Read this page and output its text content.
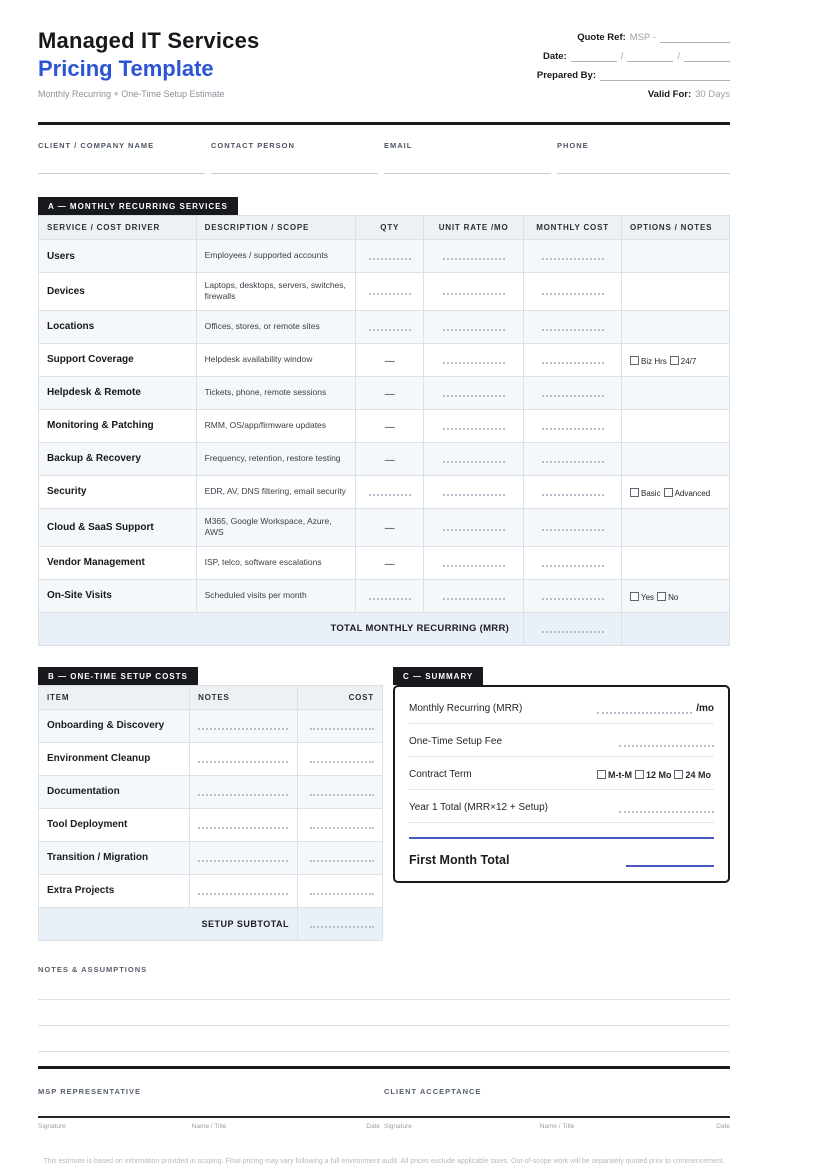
Managed IT Services
Pricing Template
Monthly Recurring + One-Time Setup Estimate
Quote Ref: MSP -
Date:	/	/
Prepared By:
Valid For: 30 Days
CLIENT / COMPANY NAME	CONTACT PERSON	EMAIL	PHONE
A — MONTHLY RECURRING SERVICES
SERVICE / COST DRIVER	DESCRIPTION / SCOPE	QTY	UNIT RATE /MO	MONTHLY COST	OPTIONS / NOTES

Users	Employees / supported accounts				

Devices	Laptops, desktops, servers, switches, firewalls				

Locations	Offices, stores, or remote sites				

Support Coverage	Helpdesk availability window	—			Biz Hrs 24/7

Helpdesk & Remote	Tickets, phone, remote sessions	—			

Monitoring & Patching	RMM, OS/app/firmware updates	—			

Backup & Recovery	Frequency, retention, restore testing	—			

Security	EDR, AV, DNS filtering, email security				Basic Advanced

Cloud & SaaS Support	M365, Google Workspace, Azure, AWS	—			

Vendor Management	ISP, telco, software escalations	—			

On-Site Visits	Scheduled visits per month				Yes No
TOTAL MONTHLY RECURRING (MRR)					
B — ONE-TIME SETUP COSTS
ITEM	NOTES	COST

Onboarding & Discovery		

Environment Cleanup		

Documentation		

Tool Deployment		

Transition / Migration		

Extra Projects		

SETUP SUBTOTAL		
C — SUMMARY
Monthly Recurring (MRR)	/mo
One-Time Setup Fee
Contract Term	M-t-M 12 Mo 24 Mo
Year 1 Total (MRR×12 + Setup)
First Month Total
NOTES & ASSUMPTIONS
MSP REPRESENTATIVE	CLIENT ACCEPTANCE
Signature	Name / Title	Date Signature	Name / Title	Date

This estimate is based on information provided in scoping. Final pricing may vary following a full environment audit. All prices exclude applicable taxes. Out-of-scope work will be separately quoted prior to commencement.
